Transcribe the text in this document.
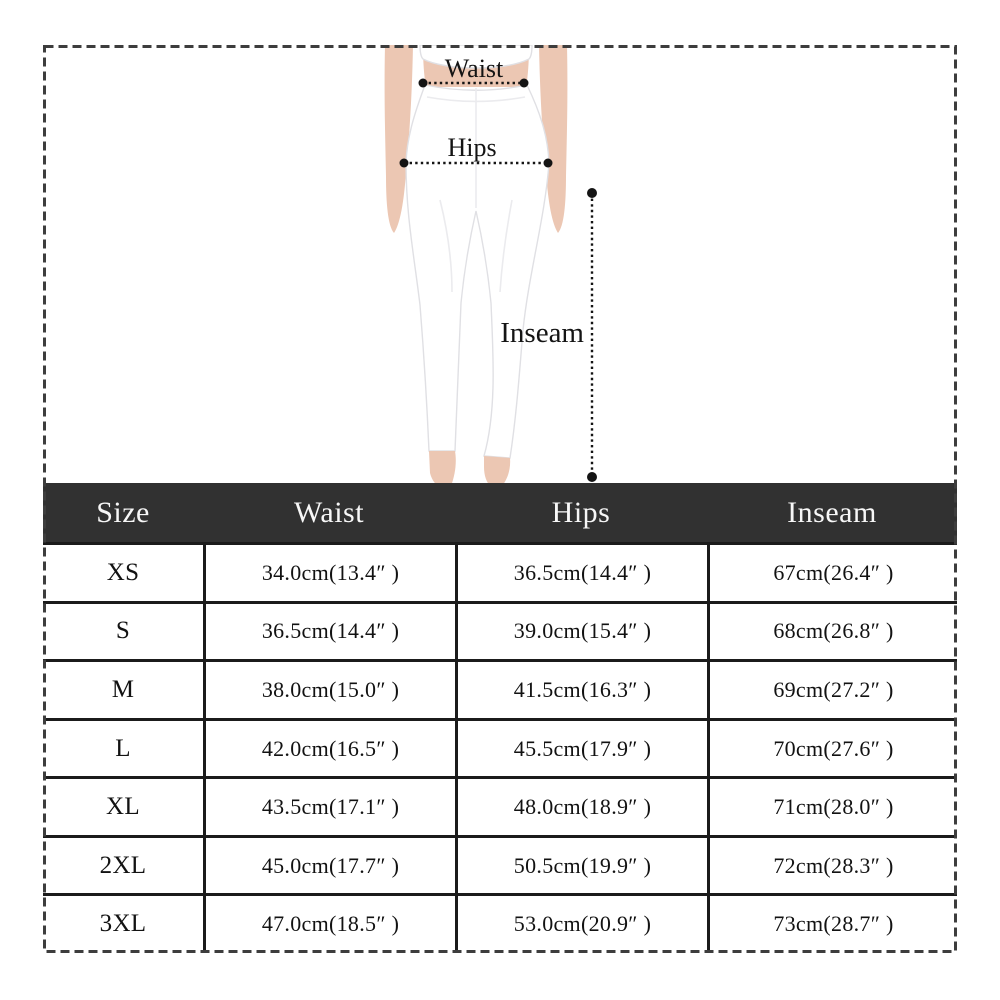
Waist
Hips
Inseam
Size	Waist	Hips	Inseam
XS	34.0cm(13.4″ )	36.5cm(14.4″ )	67cm(26.4″ )
S	36.5cm(14.4″ )	39.0cm(15.4″ )	68cm(26.8″ )
M	38.0cm(15.0″ )	41.5cm(16.3″ )	69cm(27.2″ )
L	42.0cm(16.5″ )	45.5cm(17.9″ )	70cm(27.6″ )
XL	43.5cm(17.1″ )	48.0cm(18.9″ )	71cm(28.0″ )
2XL	45.0cm(17.7″ )	50.5cm(19.9″ )	72cm(28.3″ )
3XL	47.0cm(18.5″ )	53.0cm(20.9″ )	73cm(28.7″ )
